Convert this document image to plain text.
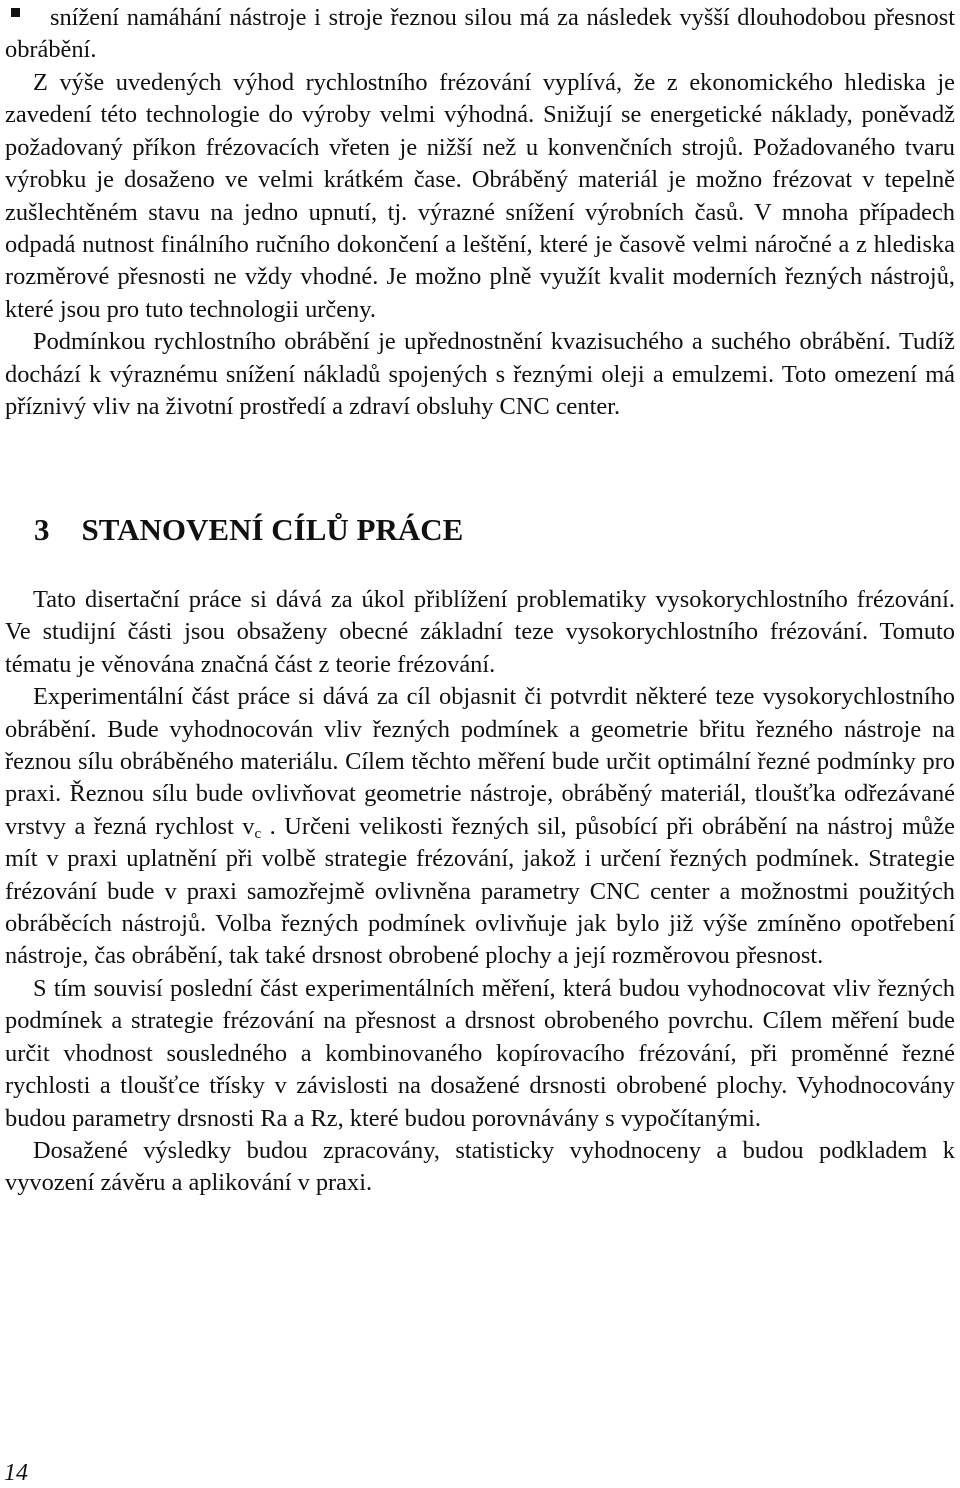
snížení namáhání nástroje i stroje řeznou silou má za následek vyšší dlouhodobou přesnost obrábění.

Z výše uvedených výhod rychlostního frézování vyplívá, že z ekonomického hlediska je zavedení této technologie do výroby velmi výhodná. Snižují se energetické náklady, poněvadž požadovaný příkon frézovacích vřeten je nižší než u konvenčních strojů. Požadovaného tvaru výrobku je dosaženo ve velmi krátkém čase. Obráběný materiál je možno frézovat v tepelně zušlechtěném stavu na jedno upnutí, tj. výrazné snížení výrobních časů. V mnoha případech odpadá nutnost finálního ručního dokončení a leštění, které je časově velmi náročné a z hlediska rozměrové přesnosti ne vždy vhodné. Je možno plně využít kvalit moderních řezných nástrojů, které jsou pro tuto technologii určeny.

Podmínkou rychlostního obrábění je upřednostnění kvazisuchého a suchého obrábění. Tudíž dochází k výraznému snížení nákladů spojených s řeznými oleji a emulzemi. Toto omezení má příznivý vliv na životní prostředí a zdraví obsluhy CNC center.

3 STANOVENÍ CÍLŮ PRÁCE

Tato disertační práce si dává za úkol přiblížení problematiky vysokorychlostního frézování. Ve studijní části jsou obsaženy obecné základní teze vysokorychlostního frézování. Tomuto tématu je věnována značná část z teorie frézování.

Experimentální část práce si dává za cíl objasnit či potvrdit některé teze vysokorychlostního obrábění. Bude vyhodnocován vliv řezných podmínek a geometrie břitu řezného nástroje na řeznou sílu obráběného materiálu. Cílem těchto měření bude určit optimální řezné podmínky pro praxi. Řeznou sílu bude ovlivňovat geometrie nástroje, obráběný materiál, tloušťka odřezávané vrstvy a řezná rychlost $v_c$ . Určeni velikosti řezných sil, působící při obrábění na nástroj může mít v praxi uplatnění při volbě strategie frézování, jakož i určení řezných podmínek. Strategie frézování bude v praxi samozřejmě ovlivněna parametry CNC center a možnostmi použitých obráběcích nástrojů. Volba řezných podmínek ovlivňuje jak bylo již výše zmíněno opotřebení nástroje, čas obrábění, tak také drsnost obrobené plochy a její rozměrovou přesnost.

S tím souvisí poslední část experimentálních měření, která budou vyhodnocovat vliv řezných podmínek a strategie frézování na přesnost a drsnost obrobeného povrchu. Cílem měření bude určit vhodnost sousledného a kombinovaného kopírovacího frézování, při proměnné řezné rychlosti a tloušťce třísky v závislosti na dosažené drsnosti obrobené plochy. Vyhodnocovány budou parametry drsnosti Ra a Rz, které budou porovnávány s vypočítanými.

Dosažené výsledky budou zpracovány, statisticky vyhodnoceny a budou podkladem k vyvození závěru a aplikování v praxi.

14
